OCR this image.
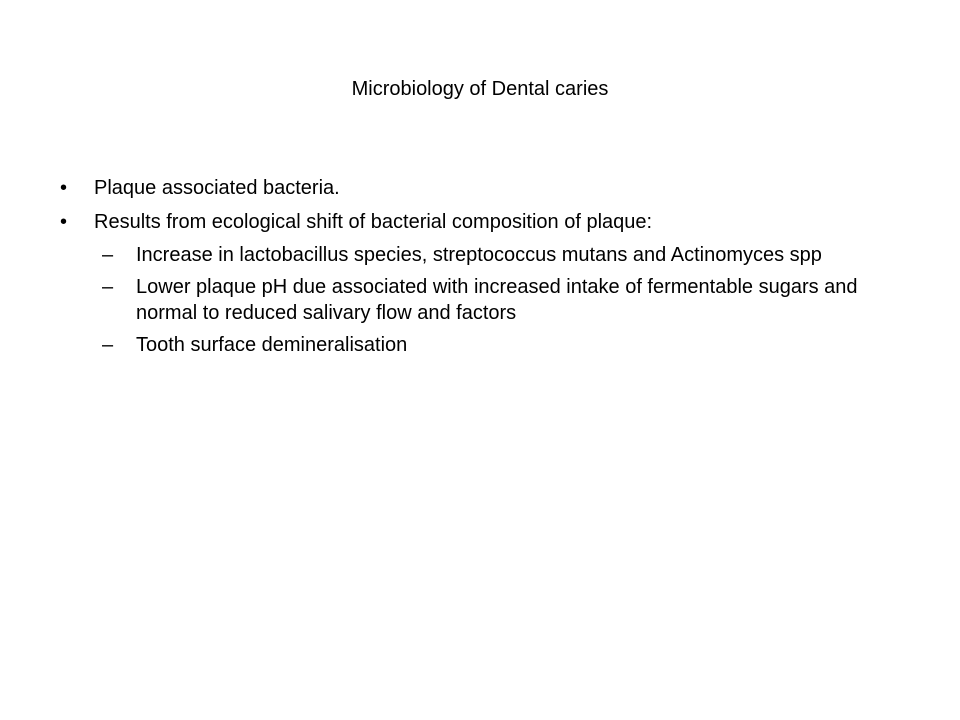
Microbiology of Dental caries
• Plaque associated bacteria.
• Results from ecological shift of bacterial composition of plaque:
– Increase in lactobacillus species, streptococcus mutans and Actinomyces spp
– Lower plaque pH due associated with increased intake of fermentable sugars and normal to reduced salivary flow and factors
– Tooth surface demineralisation
